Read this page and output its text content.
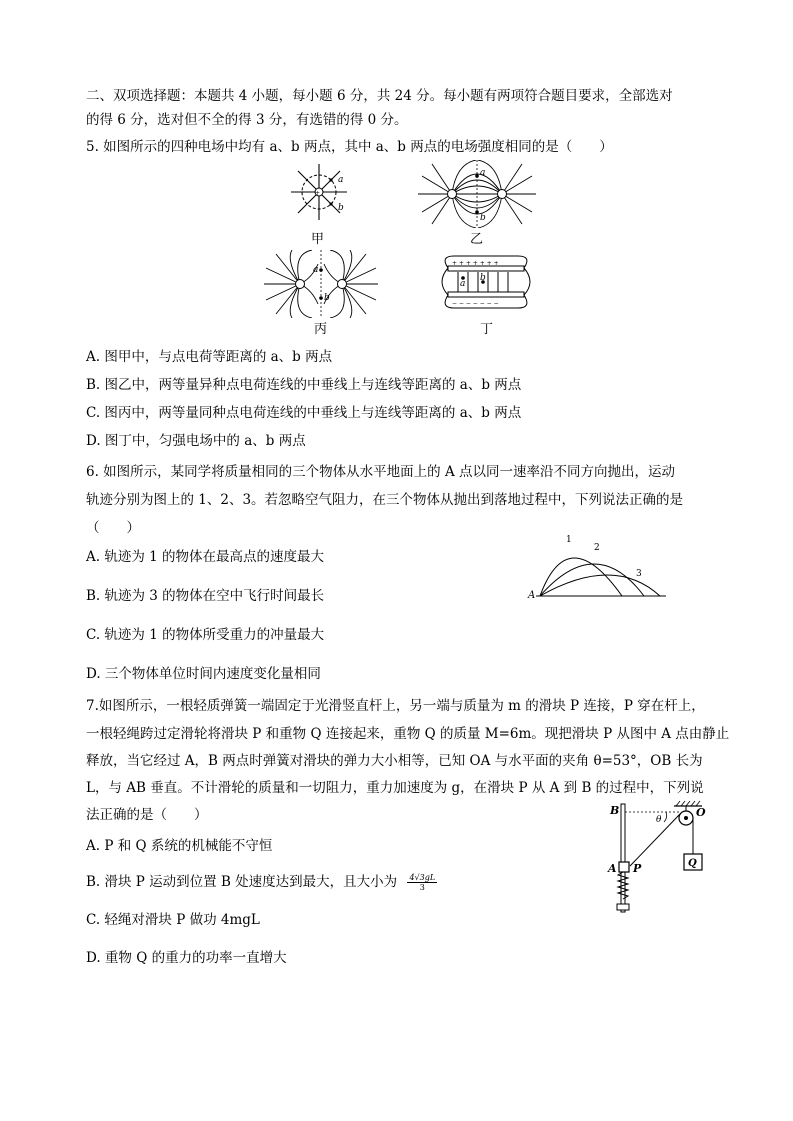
二、双项选择题：本题共 4 小题，每小题 6 分，共 24 分。每小题有两项符合题目要求，全部选对
的得 6 分，选对但不全的得 3 分，有选错的得 0 分。
5. 如图所示的四种电场中均有 a、b 两点，其中 a、b 两点的电场强度相同的是（　　）
+
a
b
甲
a
b
乙
a
b
丙
+ + + + + + +
− − − − − − −
a
b
丁
A. 图甲中，与点电荷等距离的 a、b 两点
B. 图乙中，两等量异种点电荷连线的中垂线上与连线等距离的 a、b 两点
C. 图丙中，两等量同种点电荷连线的中垂线上与连线等距离的 a、b 两点
D. 图丁中，匀强电场中的 a、b 两点
6. 如图所示，某同学将质量相同的三个物体从水平地面上的 A 点以同一速率沿不同方向抛出，运动
轨迹分别为图上的 1、2、3。若忽略空气阻力，在三个物体从抛出到落地过程中，下列说法正确的是
（　　）
A
1
2
3
A. 轨迹为 1 的物体在最高点的速度最大
B. 轨迹为 3 的物体在空中飞行时间最长
C. 轨迹为 1 的物体所受重力的冲量最大
D. 三个物体单位时间内速度变化量相同
7.如图所示，一根轻质弹簧一端固定于光滑竖直杆上，另一端与质量为 m 的滑块 P 连接，P 穿在杆上，
一根轻绳跨过定滑轮将滑块 P 和重物 Q 连接起来，重物 Q 的质量 M=6m。现把滑块 P 从图中 A 点由静止
释放，当它经过 A，B 两点时弹簧对滑块的弹力大小相等，已知 OA 与水平面的夹角 θ=53°，OB 长为
L，与 AB 垂直。不计滑轮的质量和一切阻力，重力加速度为 g，在滑块 P 从 A 到 B 的过程中，下列说
法正确的是（　　）	B	O
θ
A P	Q
A. P 和 Q 系统的机械能不守恒
B. 滑块 P 运动到位置 B 处速度达到最大，且大小为 $\frac{4√3gL}{3}$
C. 轻绳对滑块 P 做功 4mgL
D. 重物 Q 的重力的功率一直增大
